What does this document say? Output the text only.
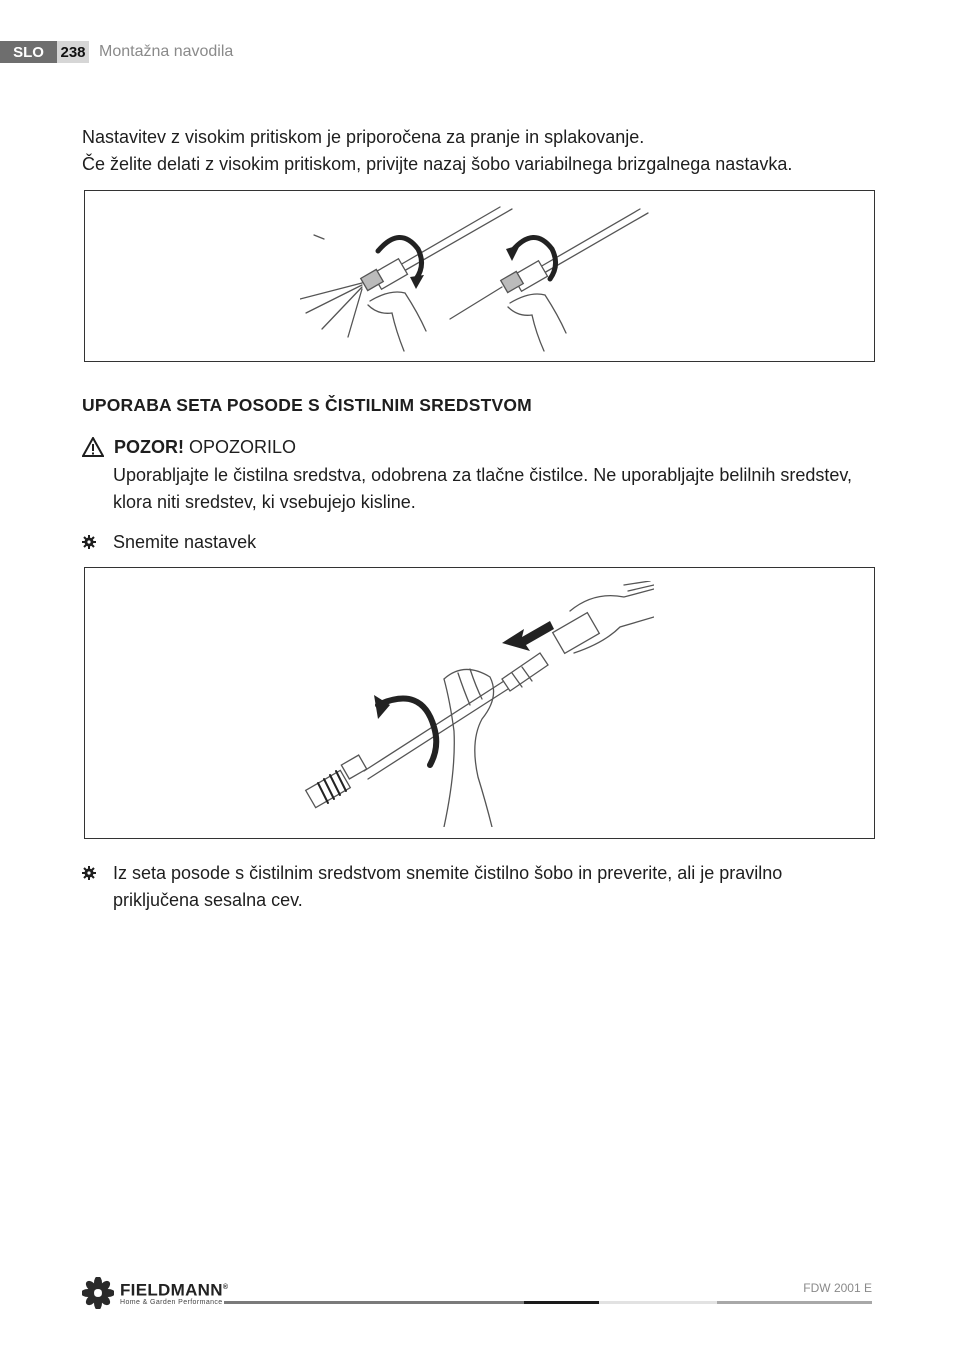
SLO	238 Montažna navodila

Nastavitev z visokim pritiskom je priporočena za pranje in splakovanje.

Če želite delati z visokim pritiskom, privijte nazaj šobo variabilnega brizgalnega nastavka.

UPORABA SETA POSODE S ČISTILNIM SREDSTVOM
POZOR! OPOZORILO

Uporabljajte le čistilna sredstva, odobrena za tlačne čistilce. Ne uporabljajte belilnih sredstev, klora niti sredstev, ki vsebujejo kisline.

Snemite nastavek
Iz seta posode s čistilnim sredstvom snemite čistilno šobo in preverite, ali je pravilno priključena sesalna cev.
FIELDMANN®
Home & Garden Performance
FDW 2001 E
